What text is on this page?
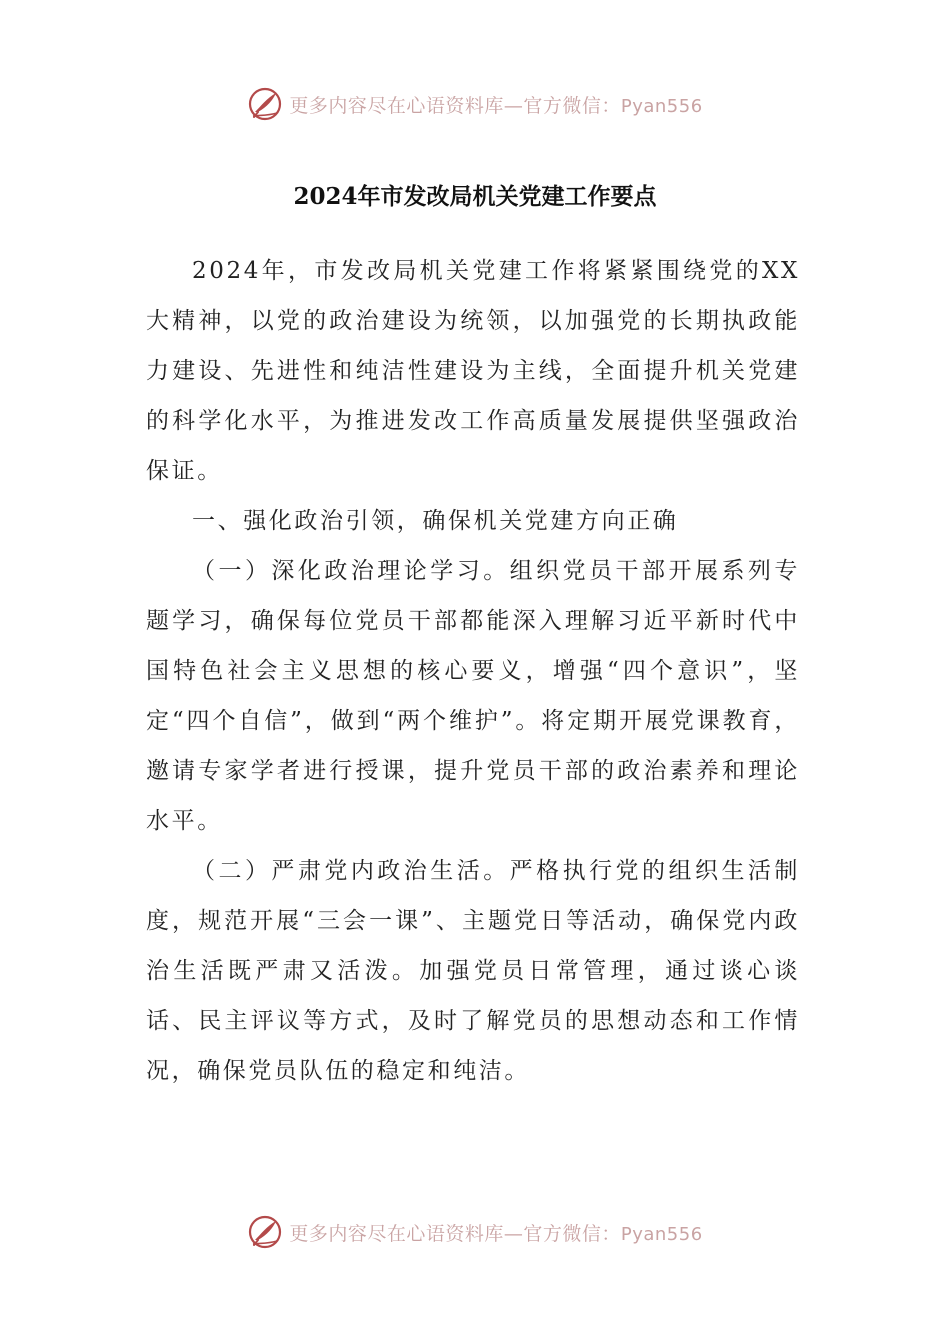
更多内容尽在心语资料库—官方微信：Pyan556
2024年市发改局机关党建工作要点

2024年，市发改局机关党建工作将紧紧围绕党的XX大精神，以党的政治建设为统领，以加强党的长期执政能力建设、先进性和纯洁性建设为主线，全面提升机关党建的科学化水平，为推进发改工作高质量发展提供坚强政治保证。

一、强化政治引领，确保机关党建方向正确

（一）深化政治理论学习。组织党员干部开展系列专题学习，确保每位党员干部都能深入理解习近平新时代中国特色社会主义思想的核心要义，增强“四个意识”，坚定“四个自信”，做到“两个维护”。将定期开展党课教育，邀请专家学者进行授课，提升党员干部的政治素养和理论水平。

（二）严肃党内政治生活。严格执行党的组织生活制度，规范开展“三会一课”、主题党日等活动，确保党内政治生活既严肃又活泼。加强党员日常管理，通过谈心谈话、民主评议等方式，及时了解党员的思想动态和工作情况，确保党员队伍的稳定和纯洁。

更多内容尽在心语资料库—官方微信：Pyan556
